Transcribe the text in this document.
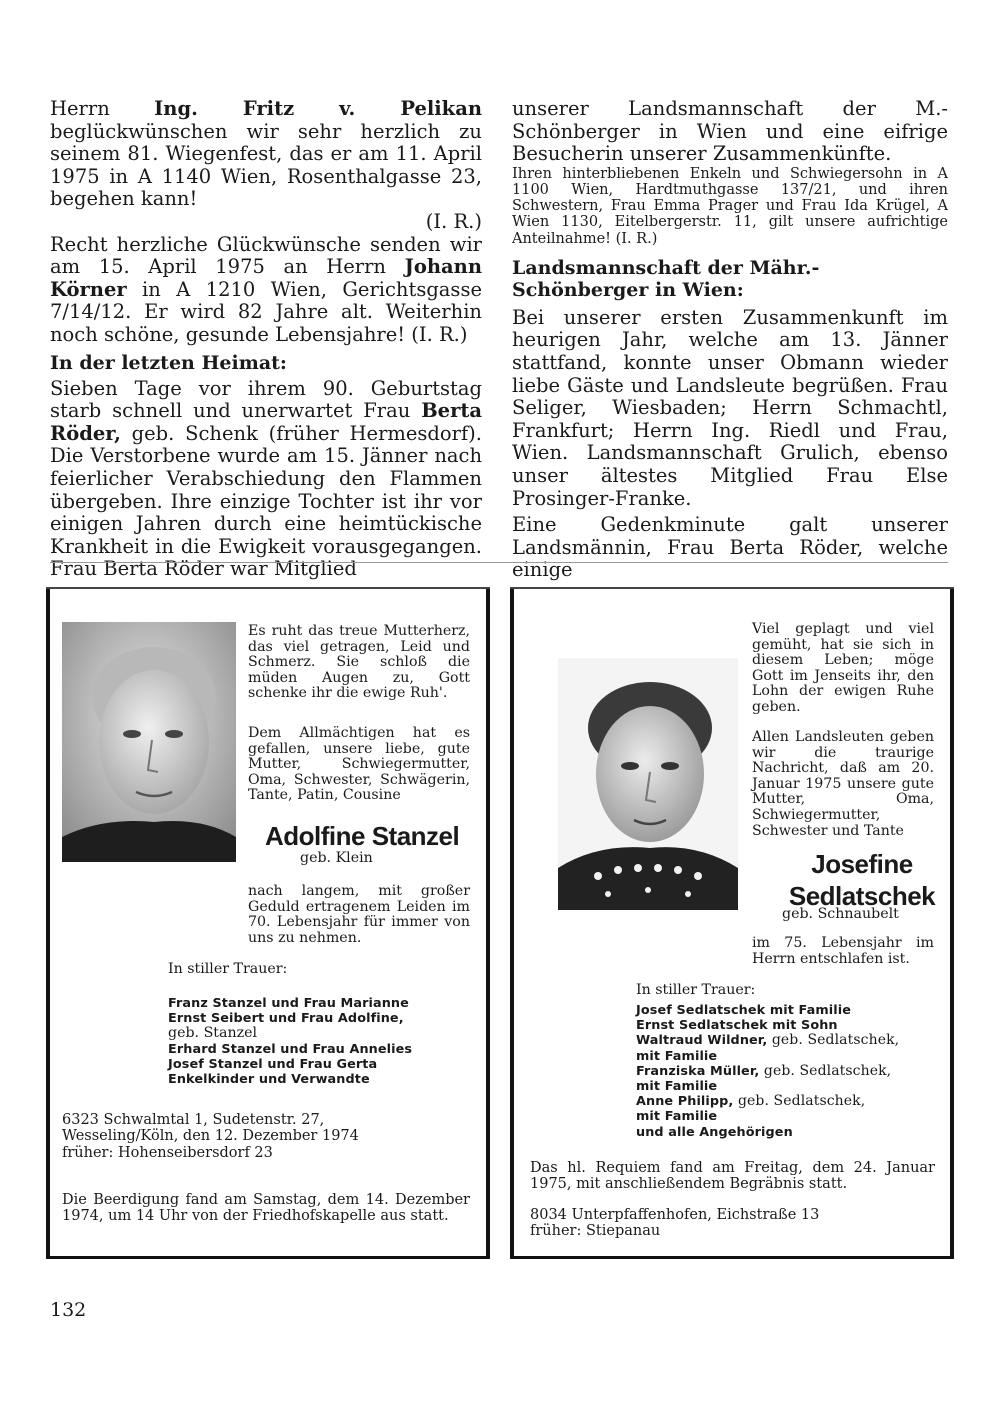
Herrn Ing. Fritz v. Pelikan beglückwünschen wir sehr herzlich zu seinem 81. Wiegenfest, das er am 11. April 1975 in A 1140 Wien, Rosenthalgasse 23, begehen kann!
(I. R.)

Recht herzliche Glückwünsche senden wir am 15. April 1975 an Herrn Johann Körner in A 1210 Wien, Gerichtsgasse 7/14/12. Er wird 82 Jahre alt. Weiterhin noch schöne, gesunde Lebensjahre! (I. R.)

In der letzten Heimat:

Sieben Tage vor ihrem 90. Geburtstag starb schnell und unerwartet Frau Berta Röder, geb. Schenk (früher Hermesdorf). Die Verstorbene wurde am 15. Jänner nach feierlicher Verabschiedung den Flammen übergeben. Ihre einzige Tochter ist ihr vor einigen Jahren durch eine heimtückische Krankheit in die Ewigkeit vorausgegangen. Frau Berta Röder war Mitglied

unserer Landsmannschaft der M.-Schönberger in Wien und eine eifrige Besucherin unserer Zusammenkünfte.

Ihren hinterbliebenen Enkeln und Schwiegersohn in A 1100 Wien, Hardtmuthgasse 137/21, und ihren Schwestern, Frau Emma Prager und Frau Ida Krügel, A Wien 1130, Eitelbergerstr. 11, gilt unsere aufrichtige Anteilnahme! (I. R.)

Landsmannschaft der Mähr.-Schönberger in Wien:

Bei unserer ersten Zusammenkunft im heurigen Jahr, welche am 13. Jänner stattfand, konnte unser Obmann wieder liebe Gäste und Landsleute begrüßen. Frau Seliger, Wiesbaden; Herrn Schmachtl, Frankfurt; Herrn Ing. Riedl und Frau, Wien. Landsmannschaft Grulich, ebenso unser ältestes Mitglied Frau Else Prosinger-Franke.

Eine Gedenkminute galt unserer Landsmännin, Frau Berta Röder, welche einige

Es ruht das treue Mutterherz, das viel getragen, Leid und Schmerz. Sie schloß die müden Augen zu, Gott schenke ihr die ewige Ruh'.
Dem Allmächtigen hat es gefallen, unsere liebe, gute Mutter, Schwiegermutter, Oma, Schwester, Schwägerin, Tante, Patin, Cousine
Adolfine Stanzel
geb. Klein
nach langem, mit großer Geduld ertragenem Leiden im 70. Lebensjahr für immer von uns zu nehmen.
In stiller Trauer:
Franz Stanzel und Frau Marianne
Ernst Seibert und Frau Adolfine,
geb. Stanzel
Erhard Stanzel und Frau Annelies
Josef Stanzel und Frau Gerta
Enkelkinder und Verwandte
6323 Schwalmtal 1, Sudetenstr. 27,
Wesseling/Köln, den 12. Dezember 1974
früher: Hohenseibersdorf 23
Die Beerdigung fand am Samstag, dem 14. Dezember 1974, um 14 Uhr von der Friedhofskapelle aus statt.
Viel geplagt und viel gemüht, hat sie sich in diesem Leben; möge Gott im Jenseits ihr, den Lohn der ewigen Ruhe geben.
Allen Landsleuten geben wir die traurige Nachricht, daß am 20. Januar 1975 unsere gute Mutter, Oma, Schwiegermutter, Schwester und Tante
Josefine
Sedlatschek
geb. Schnaubelt
im 75. Lebensjahr im Herrn entschlafen ist.
In stiller Trauer:
Josef Sedlatschek mit Familie
Ernst Sedlatschek mit Sohn
Waltraud Wildner, geb. Sedlatschek,
mit Familie
Franziska Müller, geb. Sedlatschek,
mit Familie
Anne Philipp, geb. Sedlatschek,
mit Familie
und alle Angehörigen
Das hl. Requiem fand am Freitag, dem 24. Januar 1975, mit anschließendem Begräbnis statt.
8034 Unterpfaffenhofen, Eichstraße 13
früher: Stiepanau
132
